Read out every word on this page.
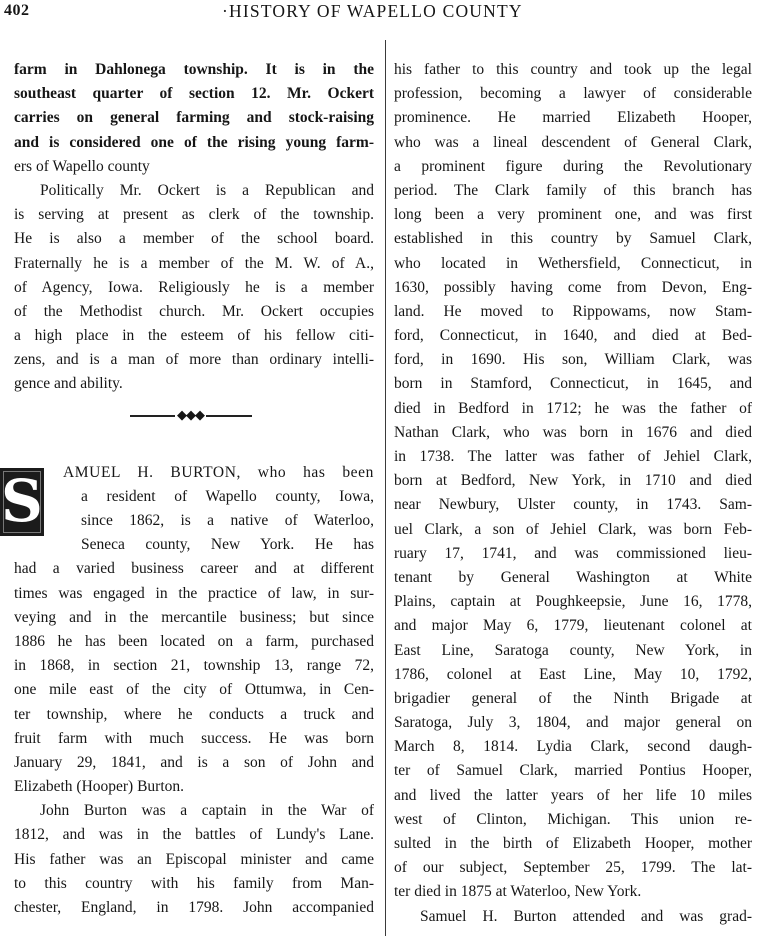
402	·HISTORY OF WAPELLO COUNTY
S
farm in Dahlonega township. It is in the
southeast quarter of section 12. Mr. Ockert
carries on general farming and stock-raising
and is considered one of the rising young farm-
ers of Wapello county
Politically Mr. Ockert is a Republican and
is serving at present as clerk of the township.
He is also a member of the school board.
Fraternally he is a member of the M. W. of A.,
of Agency, Iowa. Religiously he is a member
of the Methodist church. Mr. Ockert occupies
a high place in the esteem of his fellow citi-
zens, and is a man of more than ordinary intelli-
gence and ability.
◆◆◆
AMUEL H. BURTON, who has been
a resident of Wapello county, Iowa,
since 1862, is a native of Waterloo,
Seneca county, New York. He has
had a varied business career and at different
times was engaged in the practice of law, in sur-
veying and in the mercantile business; but since
1886 he has been located on a farm, purchased
in 1868, in section 21, township 13, range 72,
one mile east of the city of Ottumwa, in Cen-
ter township, where he conducts a truck and
fruit farm with much success. He was born
January 29, 1841, and is a son of John and
Elizabeth (Hooper) Burton.
John Burton was a captain in the War of
1812, and was in the battles of Lundy's Lane.
His father was an Episcopal minister and came
to this country with his family from Man-
chester, England, in 1798. John accompanied
his father to this country and took up the legal
profession, becoming a lawyer of considerable
prominence. He married Elizabeth Hooper,
who was a lineal descendent of General Clark,
a prominent figure during the Revolutionary
period. The Clark family of this branch has
long been a very prominent one, and was first
established in this country by Samuel Clark,
who located in Wethersfield, Connecticut, in
1630, possibly having come from Devon, Eng-
land. He moved to Rippowams, now Stam-
ford, Connecticut, in 1640, and died at Bed-
ford, in 1690. His son, William Clark, was
born in Stamford, Connecticut, in 1645, and
died in Bedford in 1712; he was the father of
Nathan Clark, who was born in 1676 and died
in 1738. The latter was father of Jehiel Clark,
born at Bedford, New York, in 1710 and died
near Newbury, Ulster county, in 1743. Sam-
uel Clark, a son of Jehiel Clark, was born Feb-
ruary 17, 1741, and was commissioned lieu-
tenant by General Washington at White
Plains, captain at Poughkeepsie, June 16, 1778,
and major May 6, 1779, lieutenant colonel at
East Line, Saratoga county, New York, in
1786, colonel at East Line, May 10, 1792,
brigadier general of the Ninth Brigade at
Saratoga, July 3, 1804, and major general on
March 8, 1814. Lydia Clark, second daugh-
ter of Samuel Clark, married Pontius Hooper,
and lived the latter years of her life 10 miles
west of Clinton, Michigan. This union re-
sulted in the birth of Elizabeth Hooper, mother
of our subject, September 25, 1799. The lat-
ter died in 1875 at Waterloo, New York.
Samuel H. Burton attended and was grad-
